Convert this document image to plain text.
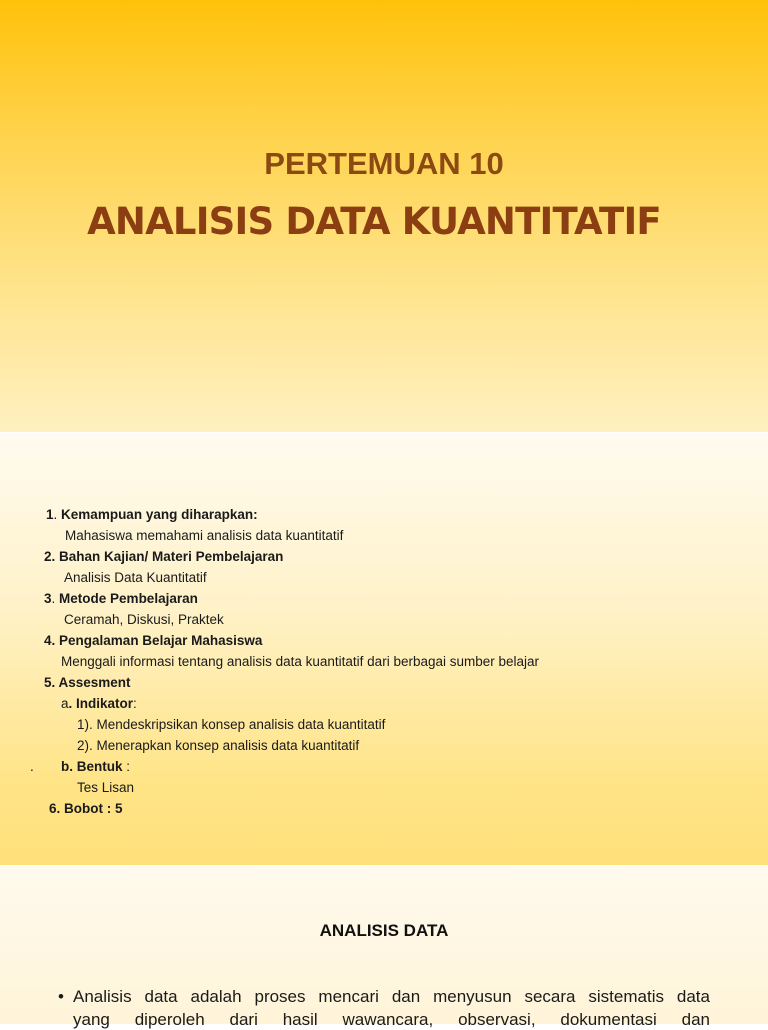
PERTEMUAN 10
ANALISIS DATA KUANTITATIF
1. Kemampuan yang diharapkan:
Mahasiswa memahami analisis data kuantitatif
2. Bahan Kajian/ Materi Pembelajaran
Analisis Data Kuantitatif
3. Metode Pembelajaran
Ceramah, Diskusi, Praktek
4. Pengalaman Belajar Mahasiswa
Menggali informasi tentang analisis data kuantitatif dari berbagai sumber belajar
5. Assesment
a. Indikator:
1). Mendeskripsikan konsep analisis data kuantitatif
2). Menerapkan konsep analisis data kuantitatif
. b. Bentuk :
Tes Lisan
6. Bobot : 5
ANALISIS DATA
• Analisis data adalah proses mencari dan menyusun secara sistematis data
yang diperoleh dari hasil wawancara, observasi, dokumentasi dan
